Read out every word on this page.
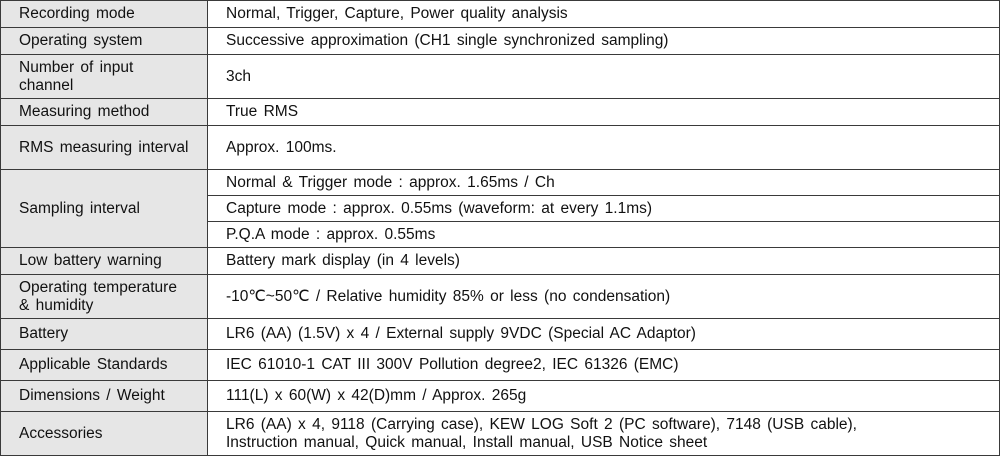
Recording mode	Normal, Trigger, Capture, Power quality analysis
Operating system	Successive approximation (CH1 single synchronized sampling)
Number of input channel	3ch
Measuring method	True RMS
RMS measuring interval	Approx. 100ms.
Sampling interval	Normal & Trigger mode : approx. 1.65ms / Ch
	Capture mode : approx. 0.55ms (waveform: at every 1.1ms)
	P.Q.A mode : approx. 0.55ms
Low battery warning	Battery mark display (in 4 levels)
Operating temperature & humidity	-10℃~50℃ / Relative humidity 85% or less (no condensation)
Battery	LR6 (AA) (1.5V) x 4 / External supply 9VDC (Special AC Adaptor)
Applicable Standards	IEC 61010-1 CAT III 300V Pollution degree2, IEC 61326 (EMC)
Dimensions / Weight	111(L) x 60(W) x 42(D)mm / Approx. 265g
Accessories	LR6 (AA) x 4, 9118 (Carrying case), KEW LOG Soft 2 (PC software), 7148 (USB cable),
Instruction manual, Quick manual, Install manual, USB Notice sheet
